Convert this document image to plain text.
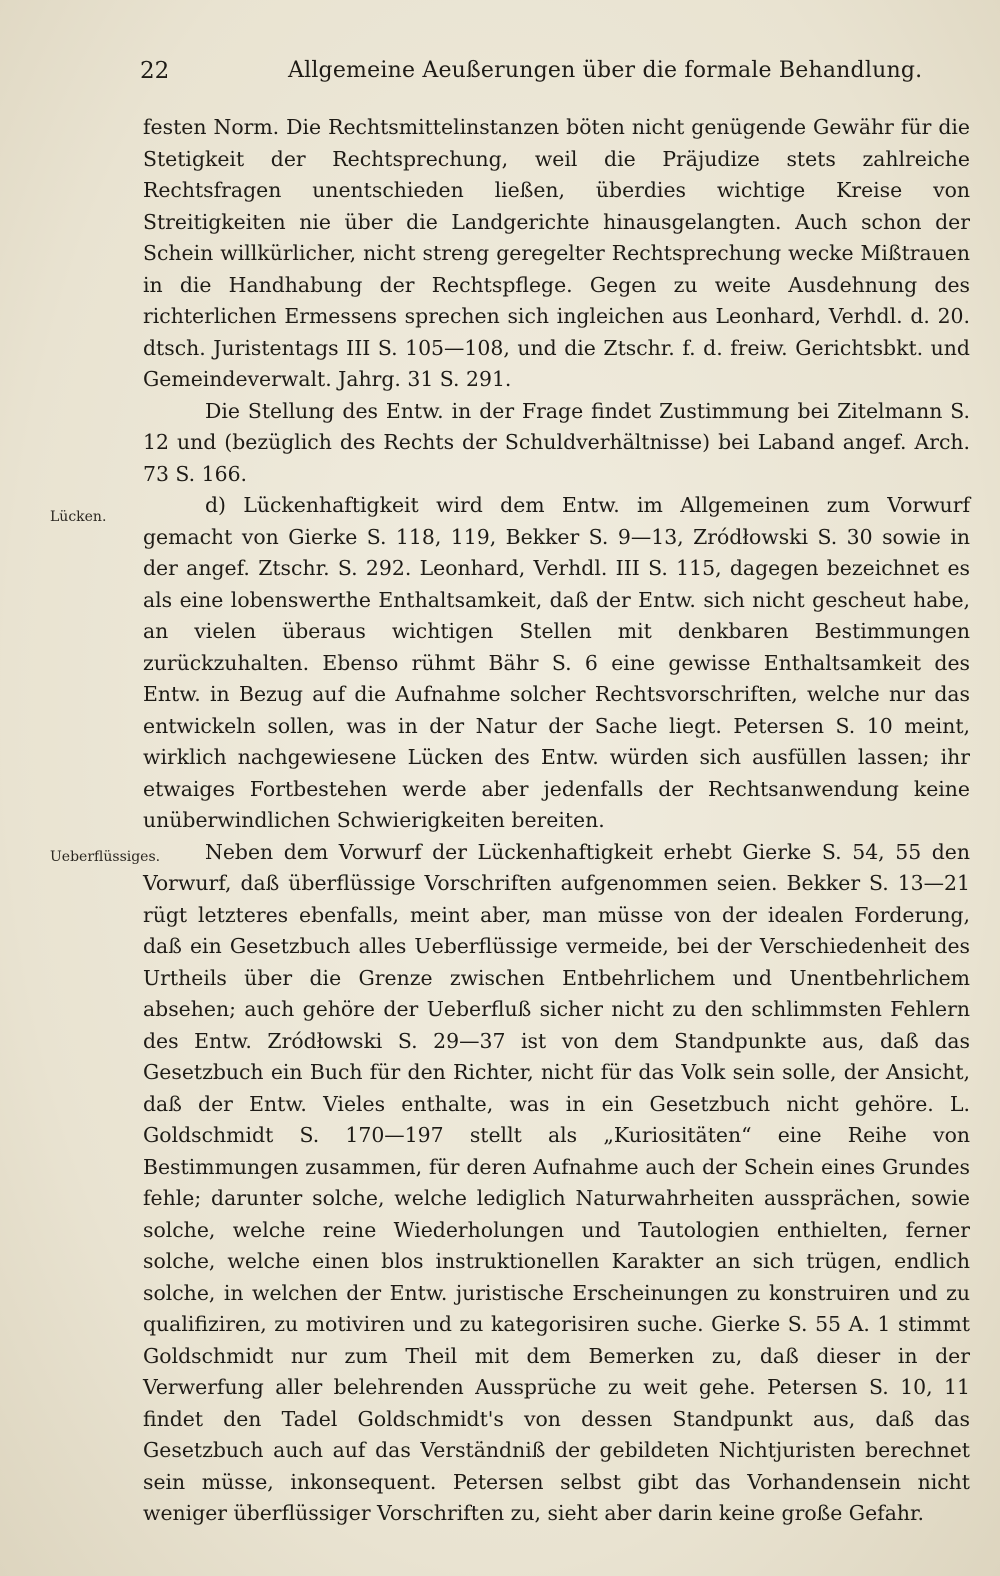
22	Allgemeine Aeußerungen über die formale Behandlung.
Lücken.
Ueberflüssiges.

festen Norm. Die Rechtsmittelinstanzen böten nicht genügende Gewähr für die Stetigkeit der Rechtsprechung, weil die Präjudize stets zahlreiche Rechtsfragen unentschieden ließen, überdies wichtige Kreise von Streitigkeiten nie über die Landgerichte hinausgelangten. Auch schon der Schein willkürlicher, nicht streng geregelter Rechtsprechung wecke Mißtrauen in die Handhabung der Rechtspflege. Gegen zu weite Ausdehnung des richterlichen Ermessens sprechen sich ingleichen aus Leonhard, Verhdl. d. 20. dtsch. Juristentags III S. 105—108, und die Ztschr. f. d. freiw. Gerichtsbkt. und Gemeindeverwalt. Jahrg. 31 S. 291.

Die Stellung des Entw. in der Frage findet Zustimmung bei Zitelmann S. 12 und (bezüglich des Rechts der Schuldverhältnisse) bei Laband angef. Arch. 73 S. 166.

d) Lückenhaftigkeit wird dem Entw. im Allgemeinen zum Vorwurf gemacht von Gierke S. 118, 119, Bekker S. 9—13, Zródłowski S. 30 sowie in der angef. Ztschr. S. 292. Leonhard, Verhdl. III S. 115, dagegen bezeichnet es als eine lobenswerthe Enthaltsamkeit, daß der Entw. sich nicht gescheut habe, an vielen überaus wichtigen Stellen mit denkbaren Bestimmungen zurückzuhalten. Ebenso rühmt Bähr S. 6 eine gewisse Enthaltsamkeit des Entw. in Bezug auf die Aufnahme solcher Rechtsvorschriften, welche nur das entwickeln sollen, was in der Natur der Sache liegt. Petersen S. 10 meint, wirklich nachgewiesene Lücken des Entw. würden sich ausfüllen lassen; ihr etwaiges Fortbestehen werde aber jedenfalls der Rechtsanwendung keine unüberwindlichen Schwierigkeiten bereiten.

Neben dem Vorwurf der Lückenhaftigkeit erhebt Gierke S. 54, 55 den Vorwurf, daß überflüssige Vorschriften aufgenommen seien. Bekker S. 13—21 rügt letzteres ebenfalls, meint aber, man müsse von der idealen Forderung, daß ein Gesetzbuch alles Ueberflüssige vermeide, bei der Verschiedenheit des Urtheils über die Grenze zwischen Entbehrlichem und Unentbehrlichem absehen; auch gehöre der Ueberfluß sicher nicht zu den schlimmsten Fehlern des Entw. Zródłowski S. 29—37 ist von dem Standpunkte aus, daß das Gesetzbuch ein Buch für den Richter, nicht für das Volk sein solle, der Ansicht, daß der Entw. Vieles enthalte, was in ein Gesetzbuch nicht gehöre. L. Goldschmidt S. 170—197 stellt als „Kuriositäten“ eine Reihe von Bestimmungen zusammen, für deren Aufnahme auch der Schein eines Grundes fehle; darunter solche, welche lediglich Naturwahrheiten aussprächen, sowie solche, welche reine Wiederholungen und Tautologien enthielten, ferner solche, welche einen blos instruktionellen Karakter an sich trügen, endlich solche, in welchen der Entw. juristische Erscheinungen zu konstruiren und zu qualifiziren, zu motiviren und zu kategorisiren suche. Gierke S. 55 A. 1 stimmt Goldschmidt nur zum Theil mit dem Bemerken zu, daß dieser in der Verwerfung aller belehrenden Aussprüche zu weit gehe. Petersen S. 10, 11 findet den Tadel Goldschmidt's von dessen Standpunkt aus, daß das Gesetzbuch auch auf das Verständniß der gebildeten Nichtjuristen berechnet sein müsse, inkonsequent. Petersen selbst gibt das Vorhandensein nicht weniger überflüssiger Vorschriften zu, sieht aber darin keine große Gefahr.
